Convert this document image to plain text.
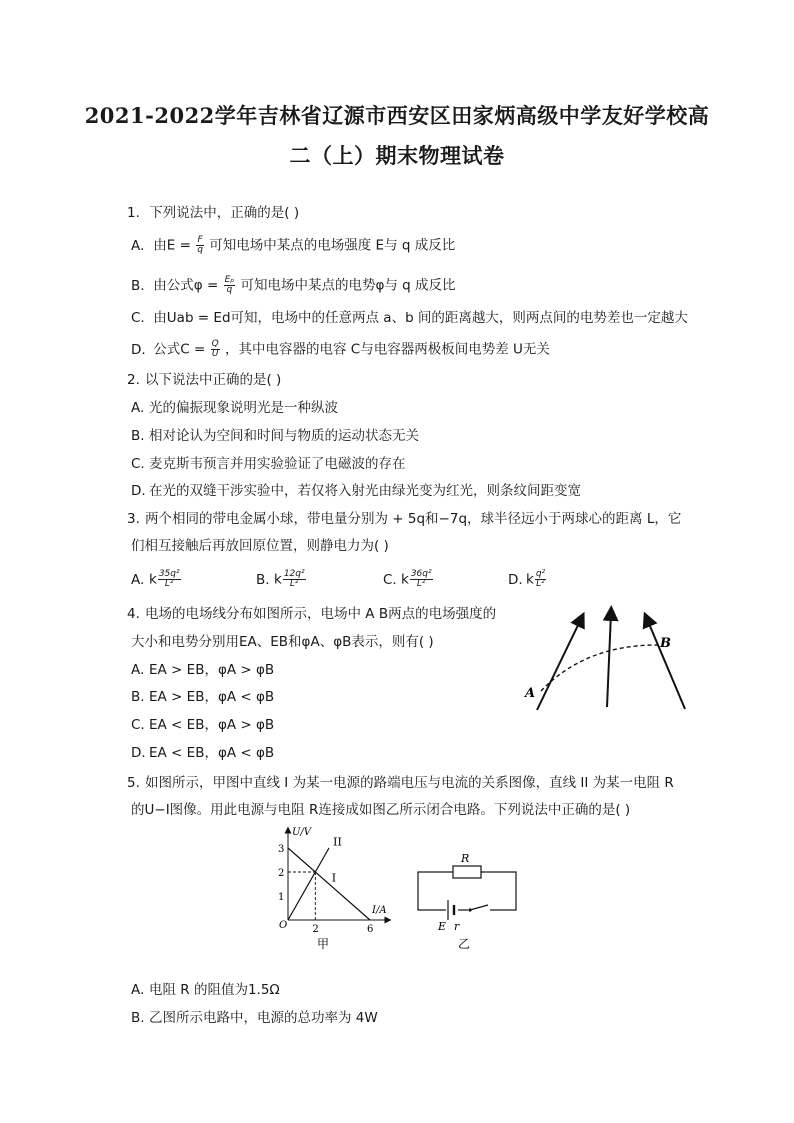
2021-2022学年吉林省辽源市西安区田家炳高级中学友好学校高
二（上）期末物理试卷
1. 下列说法中，正确的是( )
A. 由$E = \frac{F}{q}$ 可知电场中某点的电场强度 E与 q 成反比
B. 由公式$\varphi = \frac{\text{Eₚ}}{q}$ 可知电场中某点的电势φ与 q 成反比
C. 由Uab = Ed可知，电场中的任意两点 a、b 间的距离越大，则两点间的电势差也一定越大
D. 公式$C = \frac{Q}{U}$ ，其中电容器的电容 C与电容器两极板间电势差 U无关
2. 以下说法中正确的是( )
A. 光的偏振现象说明光是一种纵波
B. 相对论认为空间和时间与物质的运动状态无关
C. 麦克斯韦预言并用实验验证了电磁波的存在
D. 在光的双缝干涉实验中，若仅将入射光由绿光变为红光，则条纹间距变宽
3. 两个相同的带电金属小球，带电量分别为 + 5q和−7q，球半径远小于两球心的距离 L，它
们相互接触后再放回原位置，则静电力为( )
A. k $\frac{\text{35q²}}{\text{L²}}$	B. k $\frac{\text{12q²}}{\text{L²}}$	C. k $\frac{\text{36q²}}{\text{L²}}$	D. k $\frac{\text{q²}}{\text{L²}}$
4. 电场的电场线分布如图所示，电场中 A B两点的电场强度的
大小和电势分别用EA、EB和φA、φB表示，则有( )
A. EA > EB，φA > φB
B. EA > EB，φA < φB
C. EA < EB，φA > φB
D. EA < EB，φA < φB
A
B
5. 如图所示，甲图中直线 I 为某一电源的路端电压与电流的关系图像，直线 II 为某一电阻 R
的U−I图像。用此电源与电阻 R连接成如图乙所示闭合电路。下列说法中正确的是( )
U/V
I/A
O
1
2
3
2	6
I
II
甲
R
E r
乙
A. 电阻 R 的阻值为1.5Ω
B. 乙图所示电路中，电源的总功率为 4W
